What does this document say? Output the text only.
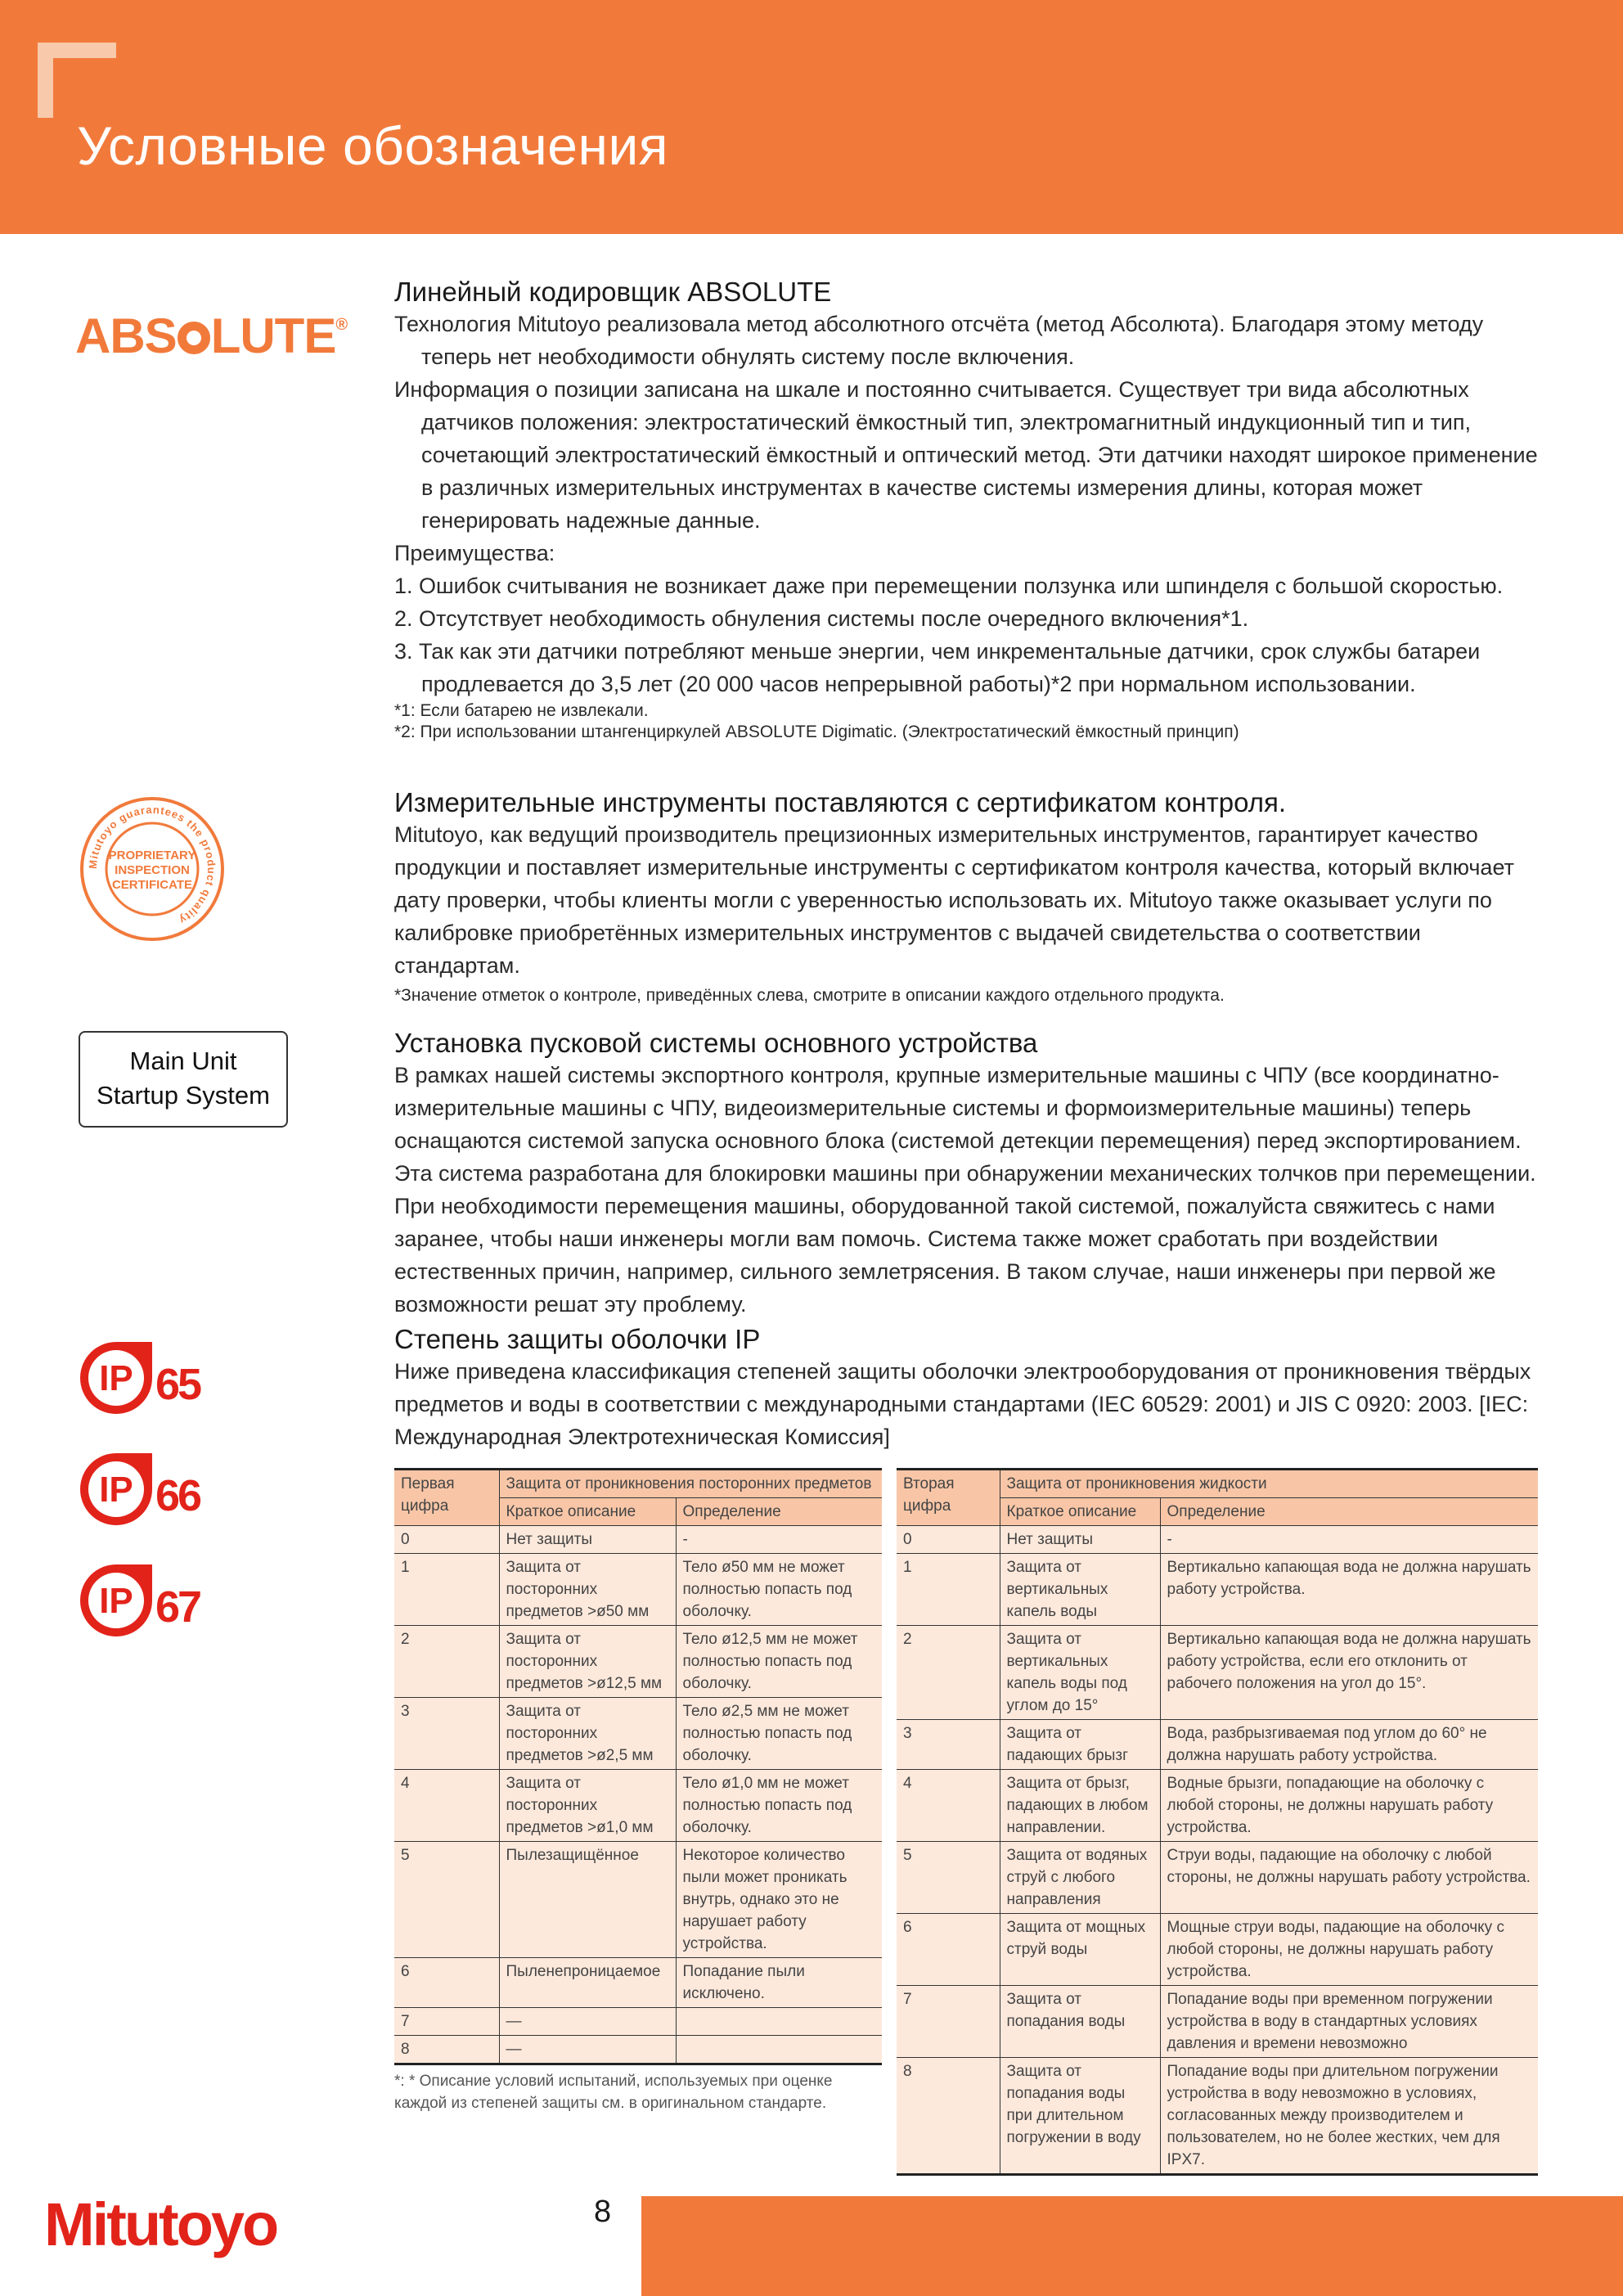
Условные обозначения
ABS LUTE®
Линейный кодировщик ABSOLUTE

Технология Mitutoyo реализовала метод абсолютного отсчёта (метод Абсолюта). Благодаря этому методу теперь нет необходимости обнулять систему после включения.

Информация о позиции записана на шкале и постоянно считывается. Существует три вида абсолютных датчиков положения: электростатический ёмкостный тип, электромагнитный индукционный тип и тип, сочетающий электростатический ёмкостный и оптический метод. Эти датчики находят широкое применение в различных измерительных инструментах в качестве системы измерения длины, которая может генерировать надежные данные.

Преимущества:

1. Ошибок считывания не возникает даже при перемещении ползунка или шпинделя с большой скоростью.

2. Отсутствует необходимость обнуления системы после очередного включения*1.

3. Так как эти датчики потребляют меньше энергии, чем инкрементальные датчики, срок службы батареи продлевается до 3,5 лет (20 000 часов непрерывной работы)*2 при нормальном использовании.

*1: Если батарею не извлекали.

*2: При использовании штангенциркулей ABSOLUTE Digimatic. (Электростатический ёмкостный принцип)

Mitutoyo guarantees the product quality
PROPRIETARY
INSPECTION
CERTIFICATE
Измерительные инструменты поставляются с сертификатом контроля.

Mitutoyo, как ведущий производитель прецизионных измерительных инструментов, гарантирует качество продукции и поставляет измерительные инструменты с сертификатом контроля качества, который включает дату проверки, чтобы клиенты могли с уверенностью использовать их. Mitutoyo также оказывает услуги по калибровке приобретённых измерительных инструментов с выдачей свидетельства о соответствии стандартам.

*Значение отметок о контроле, приведённых слева, смотрите в описании каждого отдельного продукта.

Main Unit
Startup System
Установка пусковой системы основного устройства

В рамках нашей системы экспортного контроля, крупные измерительные машины с ЧПУ (все координатно-измерительные машины с ЧПУ, видеоизмерительные системы и формоизмерительные машины) теперь оснащаются системой запуска основного блока (системой детекции перемещения) перед экспортированием. Эта система разработана для блокировки машины при обнаружении механических толчков при перемещении. При необходимости перемещения машины, оборудованной такой системой, пожалуйста свяжитесь с нами заранее, чтобы наши инженеры могли вам помочь. Система также может сработать при воздействии естественных причин, например, сильного землетрясения. В таком случае, наши инженеры при первой же возможности решат эту проблему.

IP 65
IP 66
IP 67
Степень защиты оболочки IP

Ниже приведена классификация степеней защиты оболочки электрооборудования от проникновения твёрдых предметов и воды в соответствии с международными стандартами (IEC 60529: 2001) и JIS C 0920: 2003. [IEC: Международная Электротехническая Комиссия]

Первая цифра	Защита от проникновения посторонних предметов	
	Краткое описание	Определение
0	Нет защиты	-
1	Защита от посторонних предметов >ø50 мм	Тело ø50 мм не может полностью попасть под оболочку.
2	Защита от посторонних предметов >ø12,5 мм	Тело ø12,5 мм не может полностью попасть под оболочку.
3	Защита от посторонних предметов >ø2,5 мм	Тело ø2,5 мм не может полностью попасть под оболочку.
4	Защита от посторонних предметов >ø1,0 мм	Тело ø1,0 мм не может полностью попасть под оболочку.
5	Пылезащищённое	Некоторое количество пыли может проникать внутрь, однако это не нарушает работу устройства.
6	Пыленепроницаемое	Попадание пыли исключено.
7	—	
8	—	

*: * Описание условий испытаний, используемых при оценке каждой из степеней защиты см. в оригинальном стандарте.

Вторая цифра	Защита от проникновения жидкости	
	Краткое описание	Определение
0	Нет защиты	-
1	Защита от вертикальных капель воды	Вертикально капающая вода не должна нарушать работу устройства.
2	Защита от вертикальных капель воды под углом до 15°	Вертикально капающая вода не должна нарушать работу устройства, если его отклонить от рабочего положения на угол до 15°.
3	Защита от падающих брызг	Вода, разбрызгиваемая под углом до 60° не должна нарушать работу устройства.
4	Защита от брызг, падающих в любом направлении.	Водные брызги, попадающие на оболочку с любой стороны, не должны нарушать работу устройства.
5	Защита от водяных струй с любого направления	Струи воды, падающие на оболочку с любой стороны, не должны нарушать работу устройства.
6	Защита от мощных струй воды	Мощные струи воды, падающие на оболочку с любой стороны, не должны нарушать работу устройства.
7	Защита от попадания воды	Попадание воды при временном погружении устройства в воду в стандартных условиях давления и времени невозможно
8	Защита от попадания воды при длительном погружении в воду	Попадание воды при длительном погружении устройства в воду невозможно в условиях, согласованных между производителем и пользователем, но не более жестких, чем для IPX7.
Mitutoyo	8
